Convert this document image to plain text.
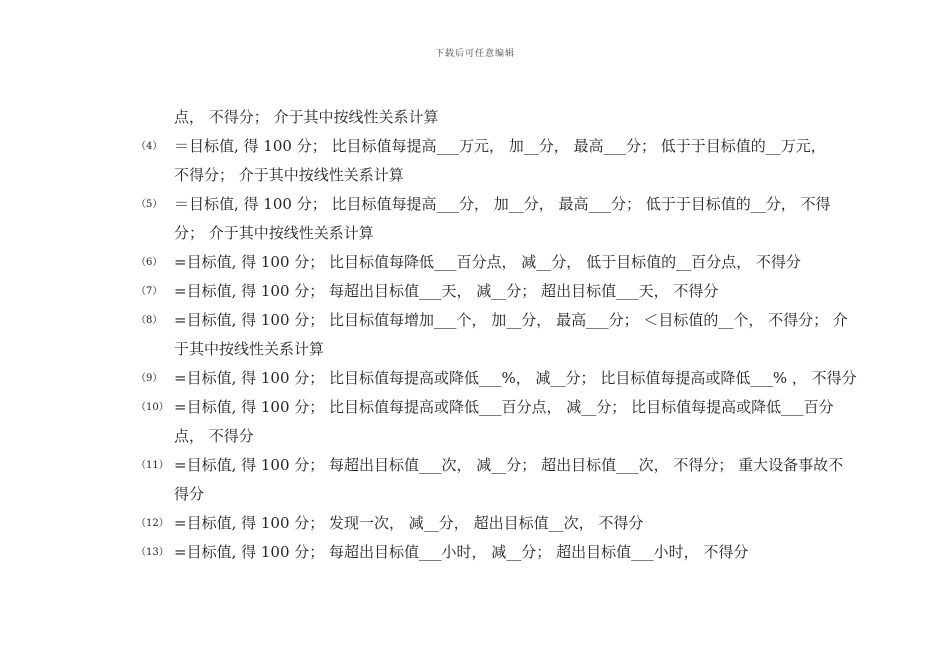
下载后可任意编辑
点， 不得分； 介于其中按线性关系计算
（4） ＝目标值, 得 100 分； 比目标值每提高___万元， 加__分， 最高___分； 低于于目标值的__万元，
不得分； 介于其中按线性关系计算
（5） ＝目标值, 得 100 分； 比目标值每提高___分， 加__分， 最高___分； 低于于目标值的__分， 不得
分； 介于其中按线性关系计算
（6） =目标值, 得 100 分； 比目标值每降低___百分点， 减__分， 低于目标值的__百分点， 不得分
（7） =目标值, 得 100 分； 每超出目标值___天， 减__分； 超出目标值___天， 不得分
（8） =目标值, 得 100 分； 比目标值每增加___个， 加__分， 最高___分； ＜目标值的__个， 不得分； 介
于其中按线性关系计算
（9） =目标值, 得 100 分； 比目标值每提高或降低___%， 减__分； 比目标值每提高或降低___% ， 不得分
（10） =目标值, 得 100 分； 比目标值每提高或降低___百分点， 减__分； 比目标值每提高或降低___百分
点， 不得分
（11） =目标值, 得 100 分； 每超出目标值___次， 减__分； 超出目标值___次， 不得分； 重大设备事故不
得分
（12） =目标值, 得 100 分； 发现一次， 减__分， 超出目标值__次， 不得分
（13） =目标值, 得 100 分； 每超出目标值___小时， 减__分； 超出目标值___小时， 不得分
